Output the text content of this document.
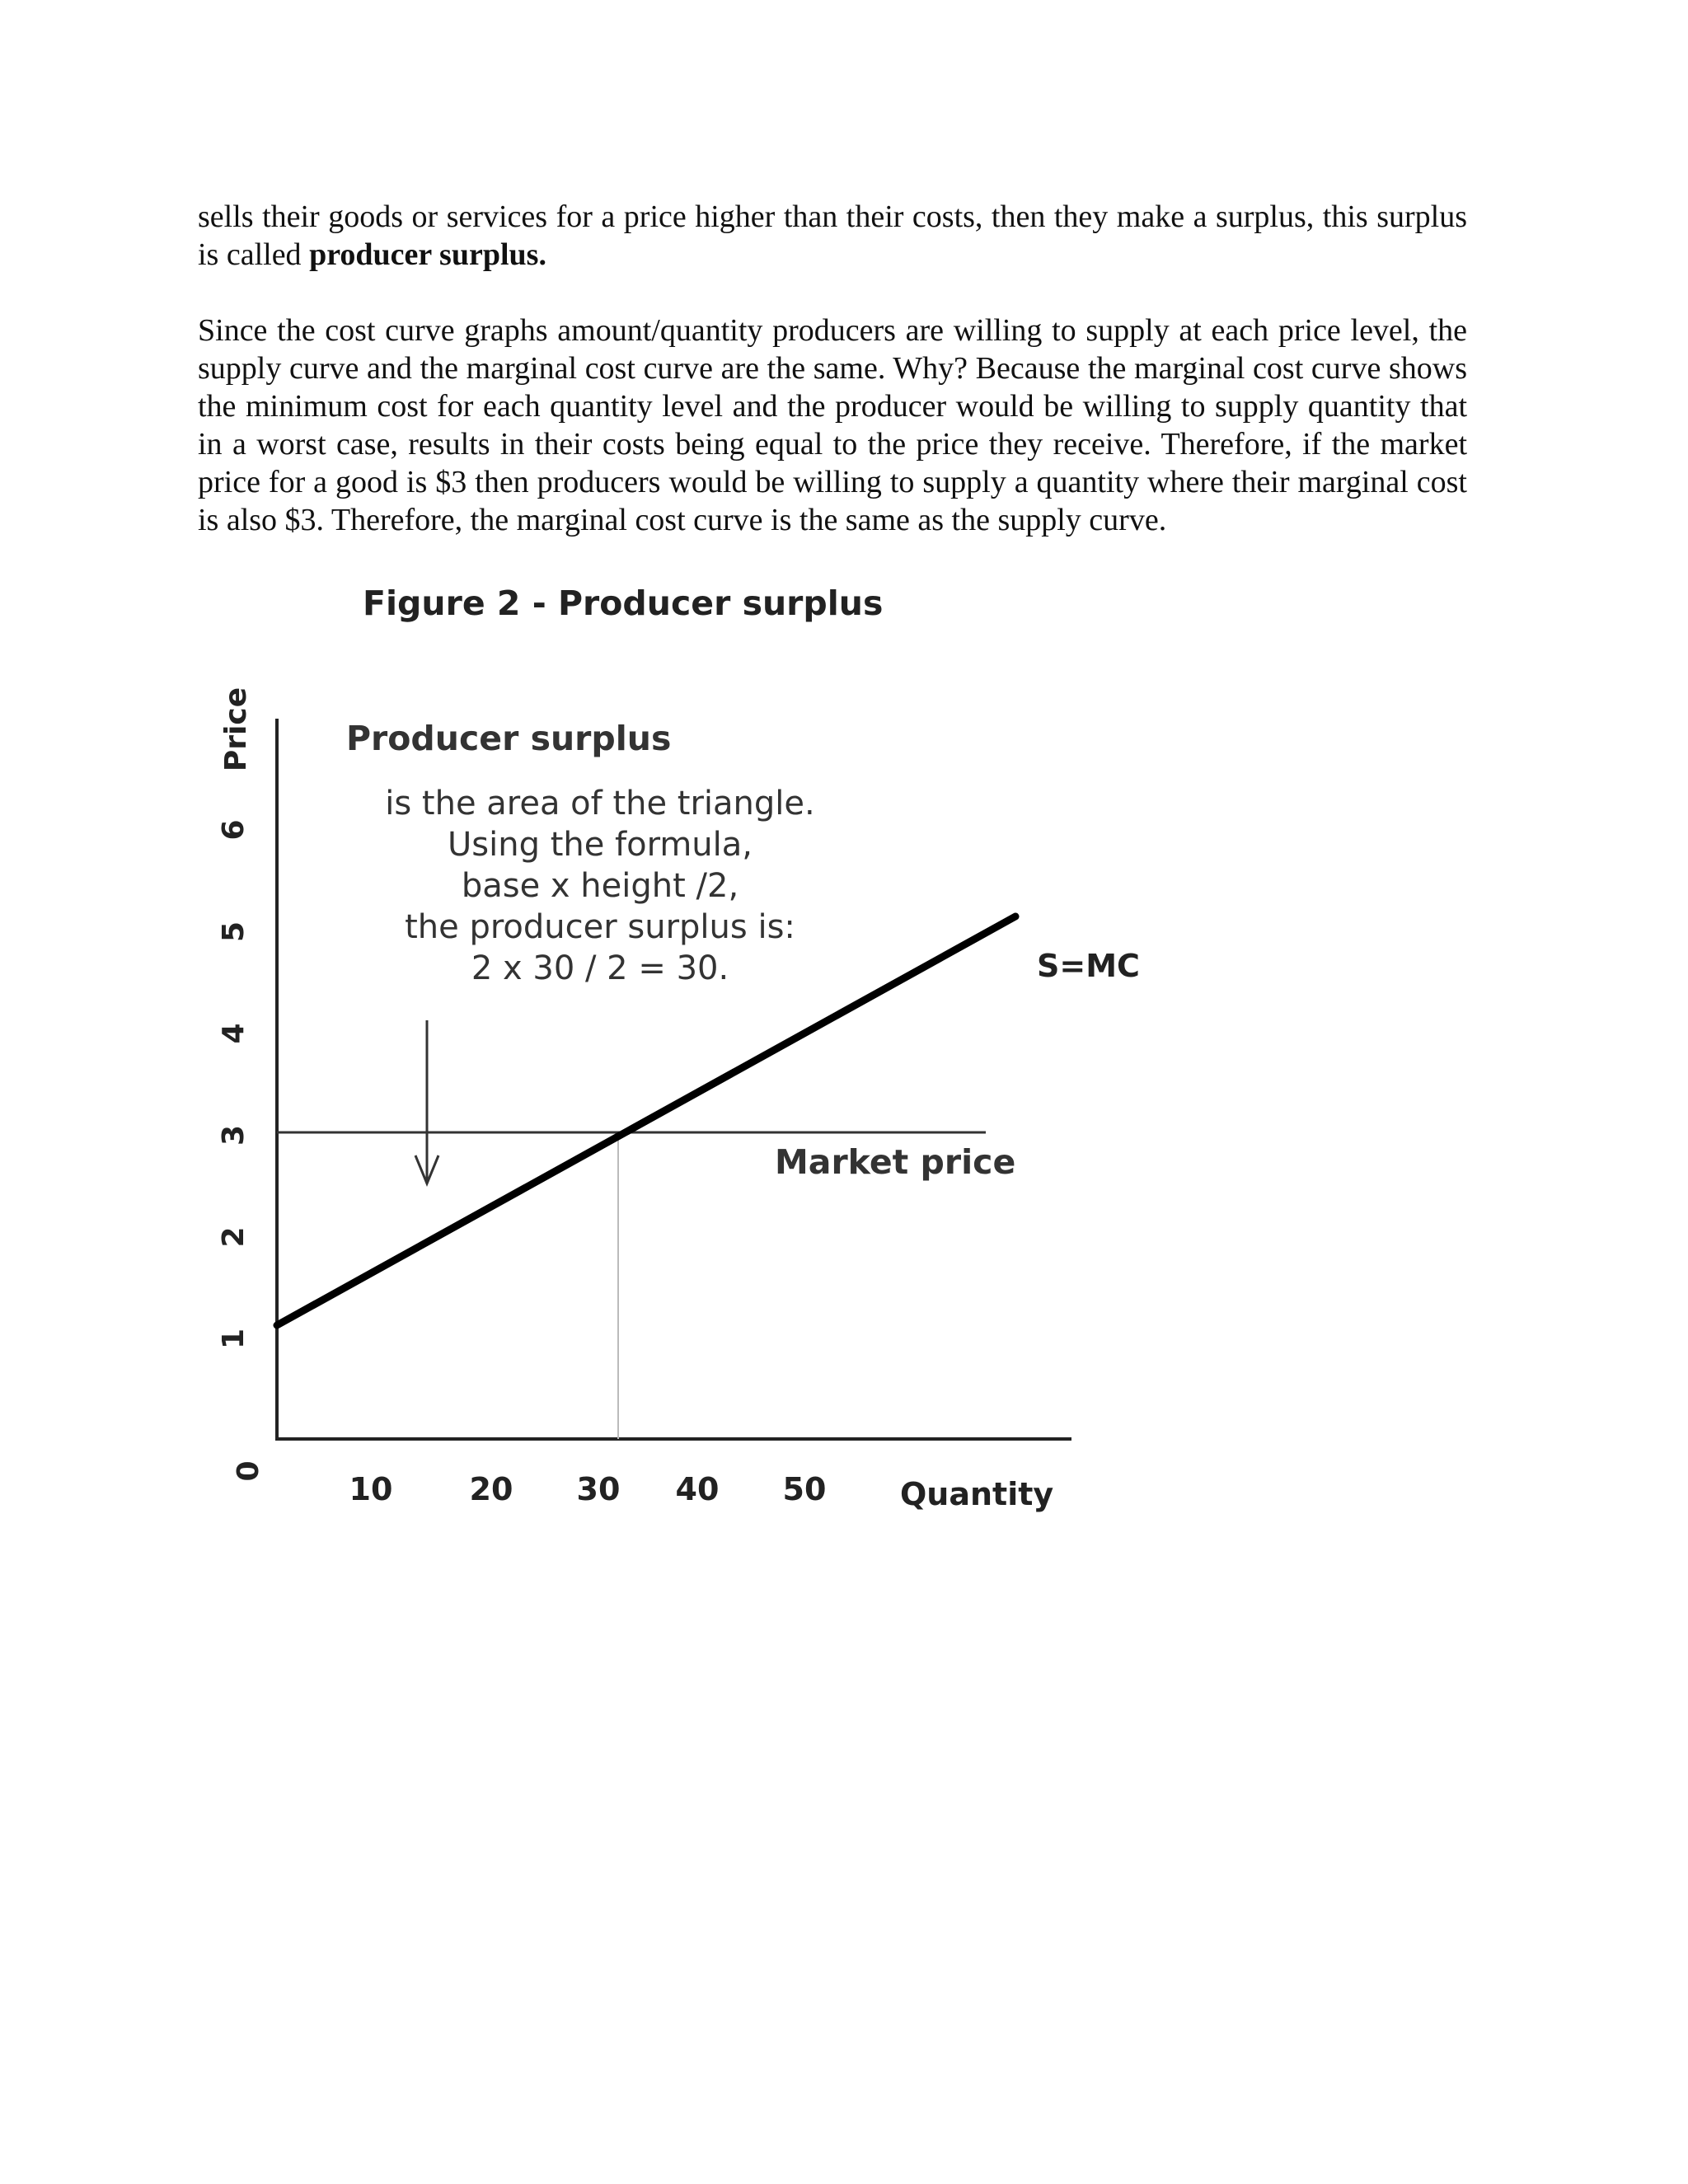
sells their goods or services for a price higher than their costs, then they make a surplus, this surplus is called producer surplus.
Since the cost curve graphs amount/quantity producers are willing to supply at each price level, the supply curve and the marginal cost curve are the same. Why? Because the marginal cost curve shows the minimum cost for each quantity level and the producer would be willing to supply quantity that in a worst case, results in their costs being equal to the price they receive. Therefore, if the market price for a good is $3 then producers would be willing to supply a quantity where their marginal cost is also $3. Therefore, the marginal cost curve is the same as the supply curve.
Figure 2 - Producer surplus
Price
0
1
2
3
4
5
6
10 20 30 40 50 Quantity
S=MC
Market price
Producer surplus
is the area of the triangle.
Using the formula,
base x height /2,
the producer surplus is:
2 x 30 / 2 = 30.
